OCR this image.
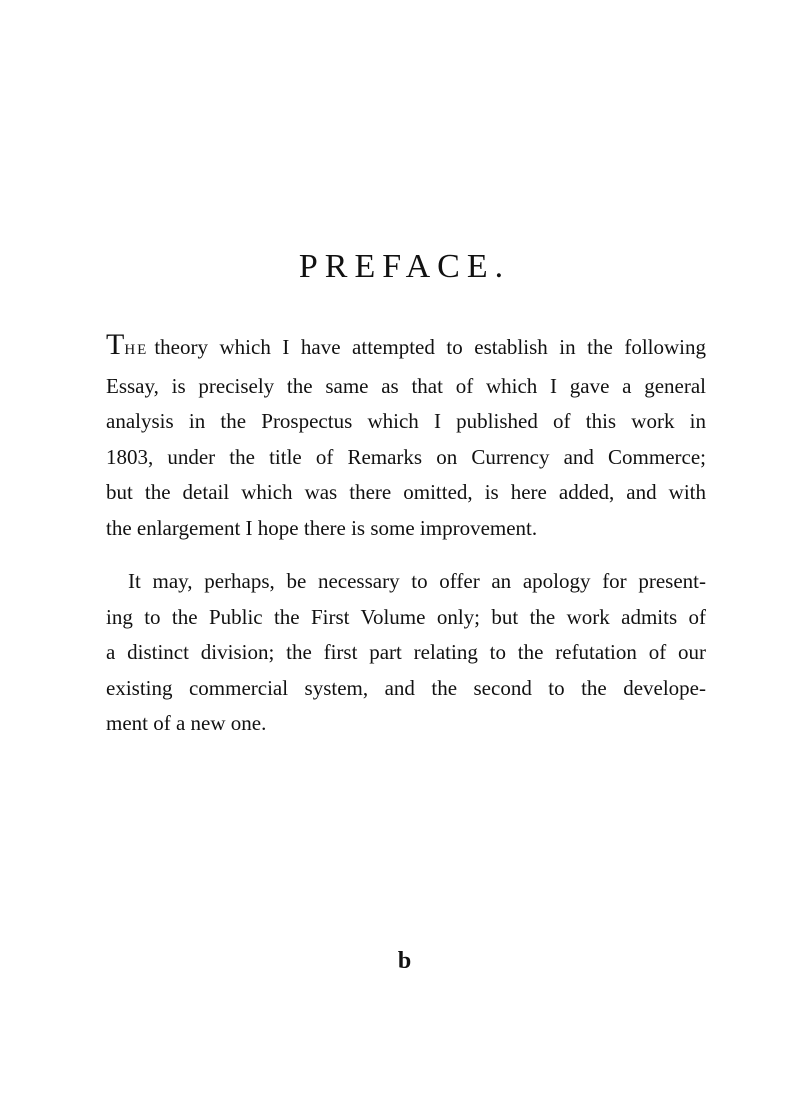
PREFACE.
THE theory which I have attempted to establish in the following
Essay, is precisely the same as that of which I gave a general
analysis in the Prospectus which I published of this work in
1803, under the title of Remarks on Currency and Commerce;
but the detail which was there omitted, is here added, and with
the enlargement I hope there is some improvement.
It may, perhaps, be necessary to offer an apology for present-
ing to the Public the First Volume only; but the work admits of
a distinct division; the first part relating to the refutation of our
existing commercial system, and the second to the develope-
ment of a new one.
b
